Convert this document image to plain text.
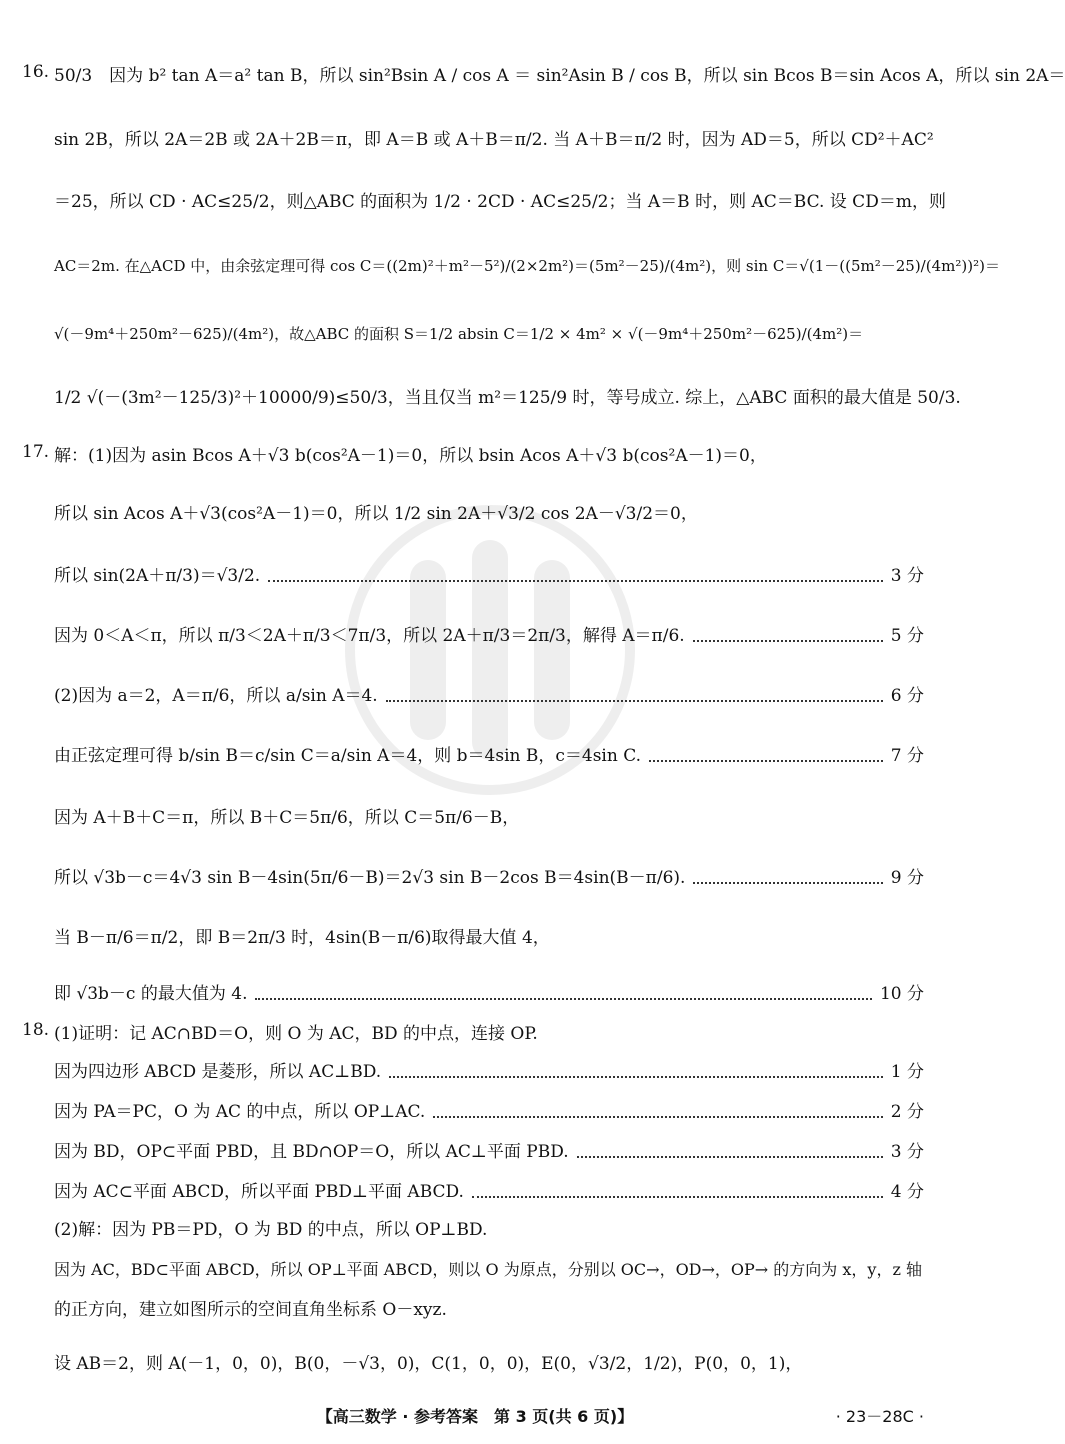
16. 50/3　因为 b² tan A＝a² tan B，所以 sin²Bsin A / cos A ＝ sin²Asin B / cos B，所以 sin Bcos B＝sin Acos A，所以 sin 2A＝
sin 2B，所以 2A＝2B 或 2A＋2B＝π，即 A＝B 或 A＋B＝π/2. 当 A＋B＝π/2 时，因为 AD＝5，所以 CD²＋AC²
＝25，所以 CD · AC≤25/2，则△ABC 的面积为 1/2 · 2CD · AC≤25/2；当 A＝B 时，则 AC＝BC. 设 CD＝m，则
AC＝2m. 在△ACD 中，由余弦定理可得 cos C＝((2m)²＋m²－5²)/(2×2m²)＝(5m²－25)/(4m²)，则 sin C＝√(1－((5m²－25)/(4m²))²)＝
√(－9m⁴＋250m²－625)/(4m²)，故△ABC 的面积 S＝1/2 absin C＝1/2 × 4m² × √(－9m⁴＋250m²－625)/(4m²)＝
1/2 √(－(3m²－125/3)²＋10000/9)≤50/3，当且仅当 m²＝125/9 时，等号成立. 综上，△ABC 面积的最大值是 50/3.
17. 解：(1)因为 asin Bcos A＋√3 b(cos²A－1)＝0，所以 bsin Acos A＋√3 b(cos²A－1)＝0，
所以 sin Acos A＋√3(cos²A－1)＝0，所以 1/2 sin 2A＋√3/2 cos 2A－√3/2＝0，
所以 sin(2A＋π/3)＝√3/2.	3 分
因为 0＜A＜π，所以 π/3＜2A＋π/3＜7π/3，所以 2A＋π/3＝2π/3，解得 A＝π/6.	5 分
(2)因为 a＝2，A＝π/6，所以 a/sin A＝4.	6 分
由正弦定理可得 b/sin B＝c/sin C＝a/sin A＝4，则 b＝4sin B，c＝4sin C.	7 分
因为 A＋B＋C＝π，所以 B＋C＝5π/6，所以 C＝5π/6－B，
所以 √3b－c＝4√3 sin B－4sin(5π/6－B)＝2√3 sin B－2cos B＝4sin(B－π/6).	9 分
当 B－π/6＝π/2，即 B＝2π/3 时，4sin(B－π/6)取得最大值 4，
即 √3b－c 的最大值为 4.	10 分
18. (1)证明：记 AC∩BD＝O，则 O 为 AC，BD 的中点，连接 OP.
因为四边形 ABCD 是菱形，所以 AC⊥BD.	1 分
因为 PA＝PC，O 为 AC 的中点，所以 OP⊥AC.	2 分
因为 BD，OP⊂平面 PBD，且 BD∩OP＝O，所以 AC⊥平面 PBD.	3 分
因为 AC⊂平面 ABCD，所以平面 PBD⊥平面 ABCD.	4 分
(2)解：因为 PB＝PD，O 为 BD 的中点，所以 OP⊥BD.
因为 AC，BD⊂平面 ABCD，所以 OP⊥平面 ABCD，则以 O 为原点，分别以 OC→，OD→，OP→ 的方向为 x，y，z 轴
的正方向，建立如图所示的空间直角坐标系 O－xyz.
设 AB＝2，则 A(－1，0，0)，B(0，－√3，0)，C(1，0，0)，E(0，√3/2，1/2)，P(0，0，1)，
【高三数学 · 参考答案　第 3 页(共 6 页)】	· 23－28C ·
